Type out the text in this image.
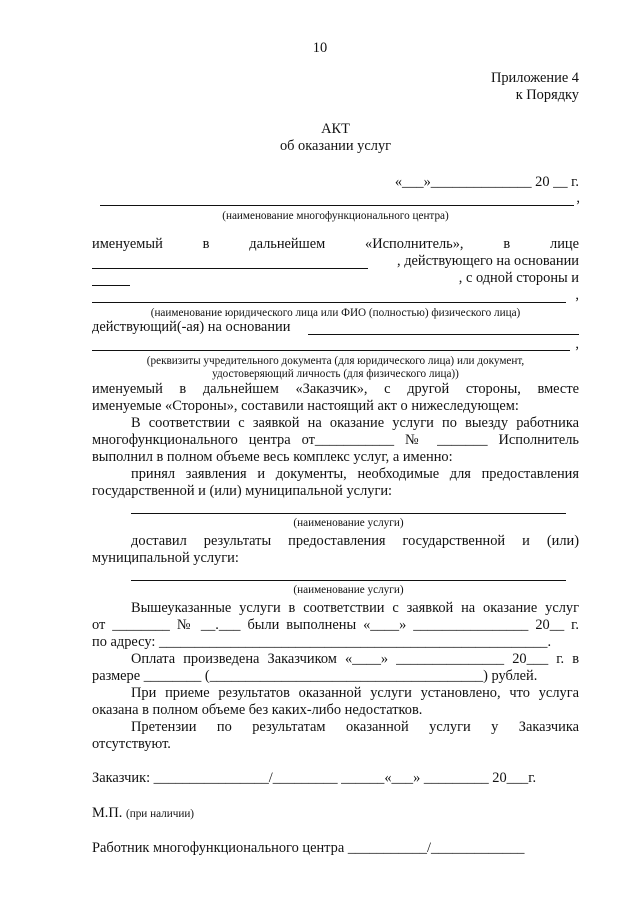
10
Приложение 4
к Порядку
АКТ
об оказании услуг
«___»______________ 20 __ г.
,
(наименование многофункционального центра)
именуемый	в	дальнейшем	«Исполнитель»,	в	лице
, действующего на основании
, с одной стороны и
,
(наименование юридического лица или ФИО (полностью) физического лица)
действующий(-ая) на основании
,
(реквизиты учредительного документа (для юридического лица) или документ,
удостоверяющий личность (для физического лица))
именуемый в дальнейшем «Заказчик», с другой стороны, вместе
именуемые «Стороны», составили настоящий акт о нижеследующем:
В соответствии с заявкой на оказание услуги по выезду работника
многофункционального центра от___________ № _______ Исполнитель
выполнил в полном объеме весь комплекс услуг, а именно:
принял заявления и документы, необходимые для предоставления
государственной и (или) муниципальной услуги:
(наименование услуги)
доставил результаты предоставления государственной и (или)
муниципальной услуги:
(наименование услуги)
Вышеуказанные услуги в соответствии с заявкой на оказание услуг
от ________ № __.___ были выполнены «____» ________________ 20__ г.
по адресу: ______________________________________________________.
Оплата произведена Заказчиком «____» _______________ 20___ г. в
размере ________ (______________________________________) рублей.
При приеме результатов оказанной услуги установлено, что услуга
оказана в полном объеме без каких-либо недостатков.
Претензии по результатам оказанной услуги у Заказчика
отсутствуют.
Заказчик: ________________/_________ ______«___» _________ 20___г.
М.П. (при наличии)
Работник многофункционального центра ___________/_____________
